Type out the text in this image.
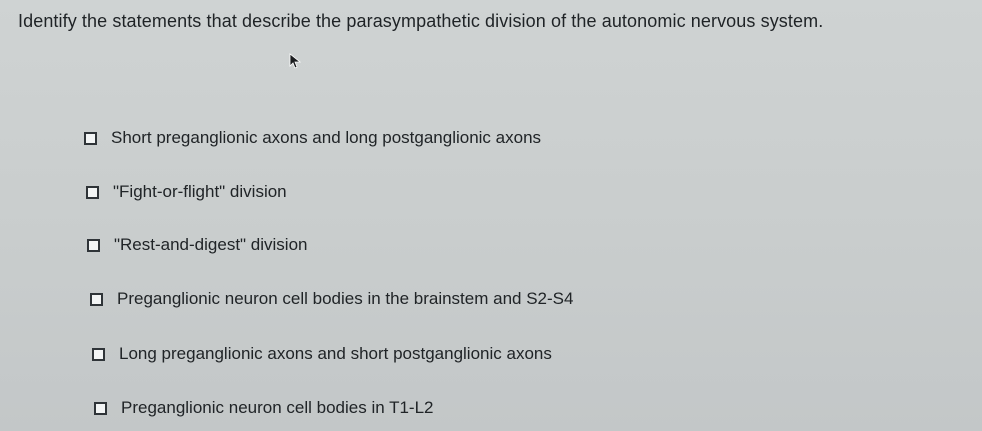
Identify the statements that describe the parasympathetic division of the autonomic nervous system.
Short preganglionic axons and long postganglionic axons
"Fight-or-flight" division
"Rest-and-digest" division
Preganglionic neuron cell bodies in the brainstem and S2-S4
Long preganglionic axons and short postganglionic axons
Preganglionic neuron cell bodies in T1-L2
